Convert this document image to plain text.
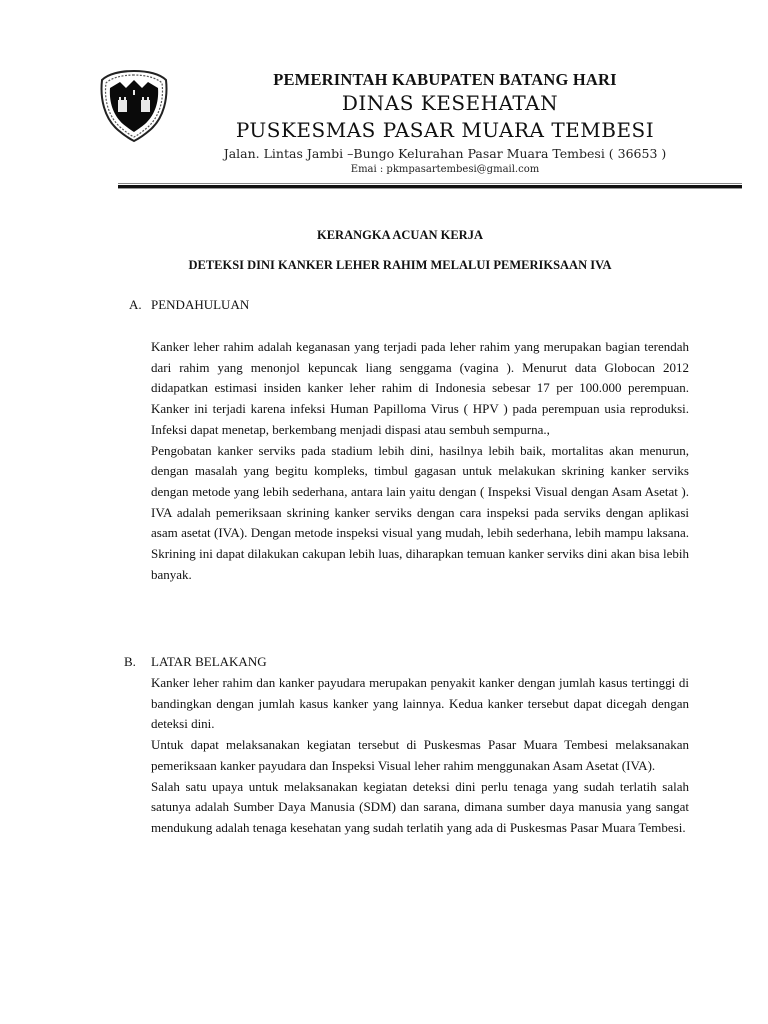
PEMERINTAH KABUPATEN BATANG HARI
DINAS KESEHATAN
PUSKESMAS PASAR MUARA TEMBESI
Jalan. Lintas Jambi –Bungo Kelurahan Pasar Muara Tembesi ( 36653 )
Emai : pkmpasartembesi@gmail.com
KERANGKA ACUAN KERJA
DETEKSI DINI KANKER LEHER RAHIM MELALUI PEMERIKSAAN IVA
A. PENDAHULUAN

Kanker leher rahim adalah keganasan yang terjadi pada leher rahim yang merupakan bagian terendah dari rahim yang menonjol kepuncak liang senggama (vagina ). Menurut data Globocan 2012 didapatkan estimasi insiden kanker leher rahim di Indonesia sebesar 17 per 100.000 perempuan. Kanker ini terjadi karena infeksi Human Papilloma Virus ( HPV ) pada perempuan usia reproduksi. Infeksi dapat menetap, berkembang menjadi dispasi atau sembuh sempurna.,

Pengobatan kanker serviks pada stadium lebih dini, hasilnya lebih baik, mortalitas akan menurun, dengan masalah yang begitu kompleks, timbul gagasan untuk melakukan skrining kanker serviks dengan metode yang lebih sederhana, antara lain yaitu dengan ( Inspeksi Visual dengan Asam Asetat ). IVA adalah pemeriksaan skrining kanker serviks dengan cara inspeksi pada serviks dengan aplikasi asam asetat (IVA). Dengan metode inspeksi visual yang mudah, lebih sederhana, lebih mampu laksana. Skrining ini dapat dilakukan cakupan lebih luas, diharapkan temuan kanker serviks dini akan bisa lebih banyak.

B. LATAR BELAKANG

Kanker leher rahim dan kanker payudara merupakan penyakit kanker dengan jumlah kasus tertinggi di bandingkan dengan jumlah kasus kanker yang lainnya. Kedua kanker tersebut dapat dicegah dengan deteksi dini.

Untuk dapat melaksanakan kegiatan tersebut di Puskesmas Pasar Muara Tembesi melaksanakan pemeriksaan kanker payudara dan Inspeksi Visual leher rahim menggunakan Asam Asetat (IVA).

Salah satu upaya untuk melaksanakan kegiatan deteksi dini perlu tenaga yang sudah terlatih salah satunya adalah Sumber Daya Manusia (SDM) dan sarana, dimana sumber daya manusia yang sangat mendukung adalah tenaga kesehatan yang sudah terlatih yang ada di Puskesmas Pasar Muara Tembesi.
